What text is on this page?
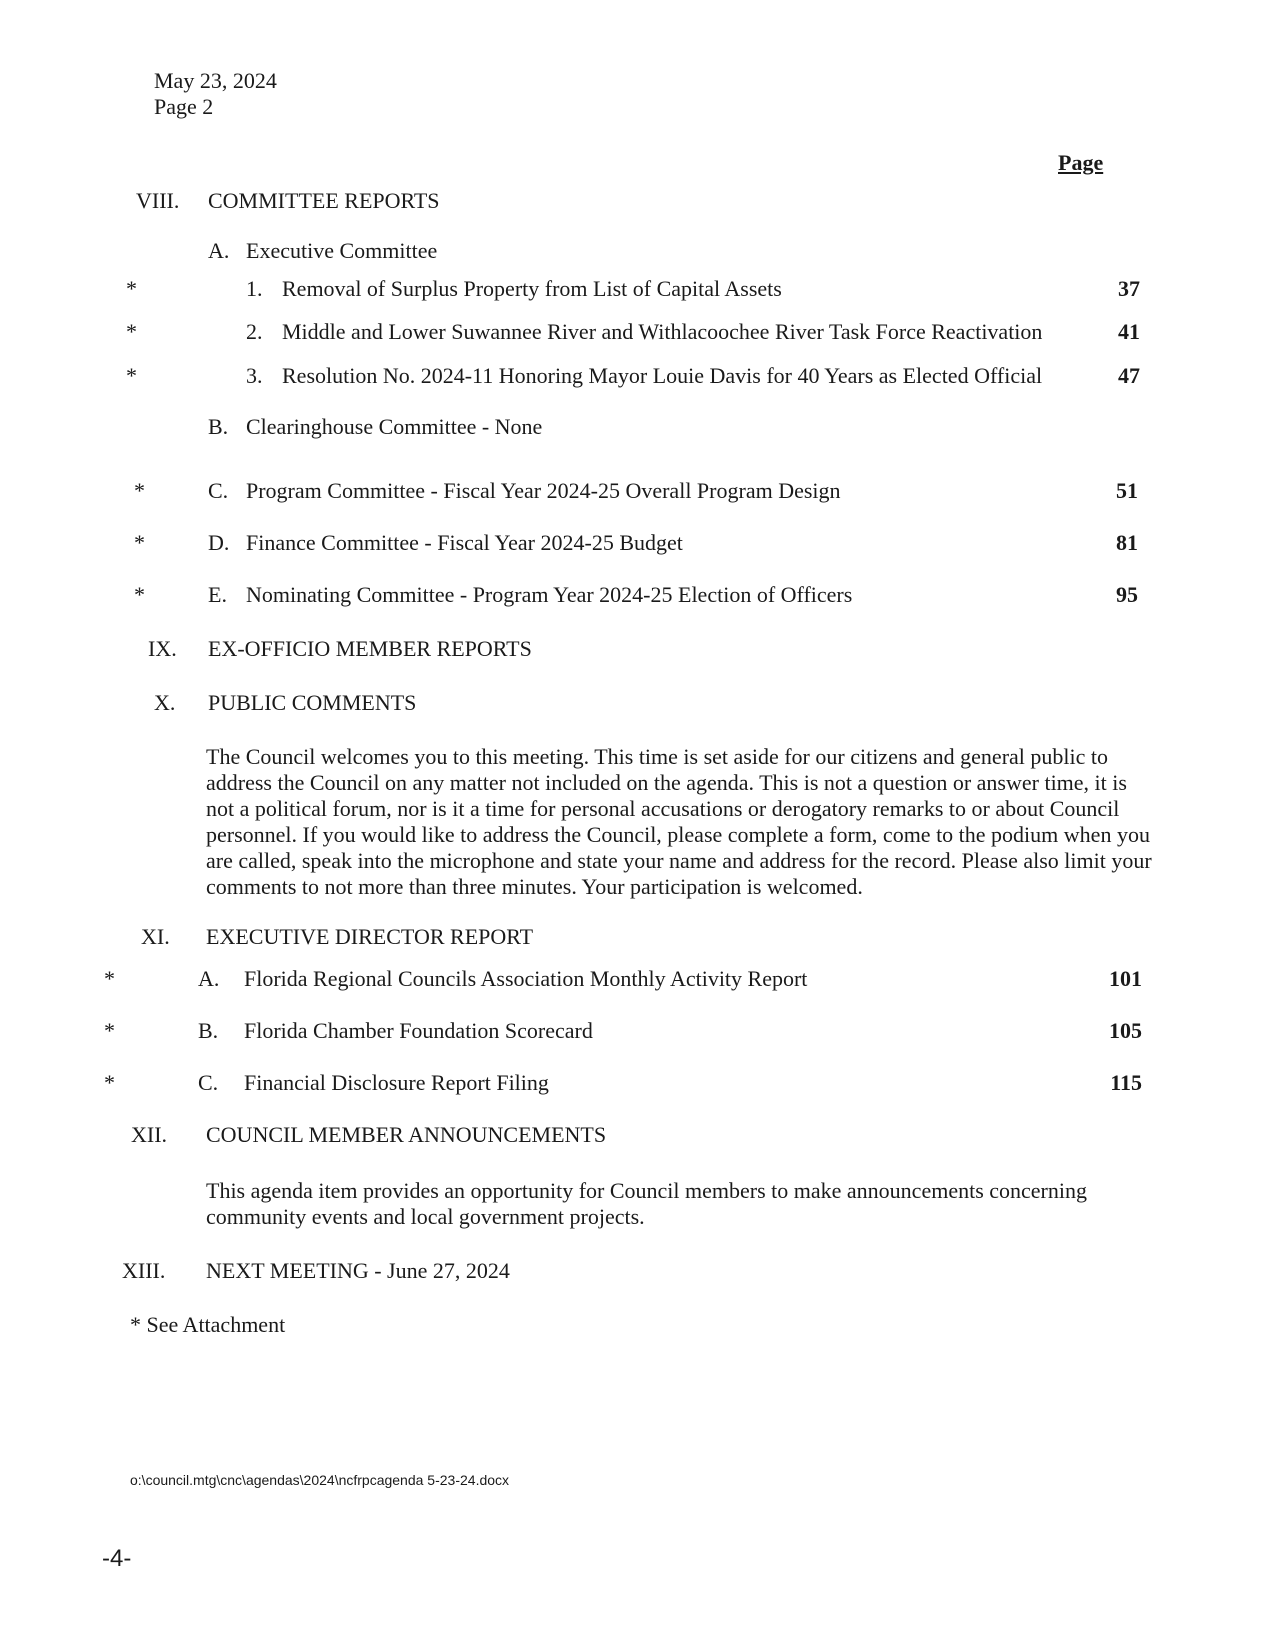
May 23, 2024
Page 2
Page
VIII. COMMITTEE REPORTS
A. Executive Committee
*	1. Removal of Surplus Property from List of Capital Assets	37
*	2. Middle and Lower Suwannee River and Withlacoochee River Task Force Reactivation	41
*	3. Resolution No. 2024-11 Honoring Mayor Louie Davis for 40 Years as Elected Official	47
B. Clearinghouse Committee - None
*	C. Program Committee - Fiscal Year 2024-25 Overall Program Design	51
*	D. Finance Committee - Fiscal Year 2024-25 Budget	81
*	E. Nominating Committee - Program Year 2024-25 Election of Officers	95
IX. EX-OFFICIO MEMBER REPORTS
X. PUBLIC COMMENTS
The Council welcomes you to this meeting. This time is set aside for our citizens and general public to
address the Council on any matter not included on the agenda. This is not a question or answer time, it is
not a political forum, nor is it a time for personal accusations or derogatory remarks to or about Council
personnel. If you would like to address the Council, please complete a form, come to the podium when you
are called, speak into the microphone and state your name and address for the record. Please also limit your
comments to not more than three minutes. Your participation is welcomed.
XI. EXECUTIVE DIRECTOR REPORT
*	A. Florida Regional Councils Association Monthly Activity Report	101
*	B. Florida Chamber Foundation Scorecard	105
*	C. Financial Disclosure Report Filing	115
XII. COUNCIL MEMBER ANNOUNCEMENTS
This agenda item provides an opportunity for Council members to make announcements concerning
community events and local government projects.
XIII. NEXT MEETING - June 27, 2024
* See Attachment
o:\council.mtg\cnc\agendas\2024\ncfrpcagenda 5-23-24.docx
-4-
